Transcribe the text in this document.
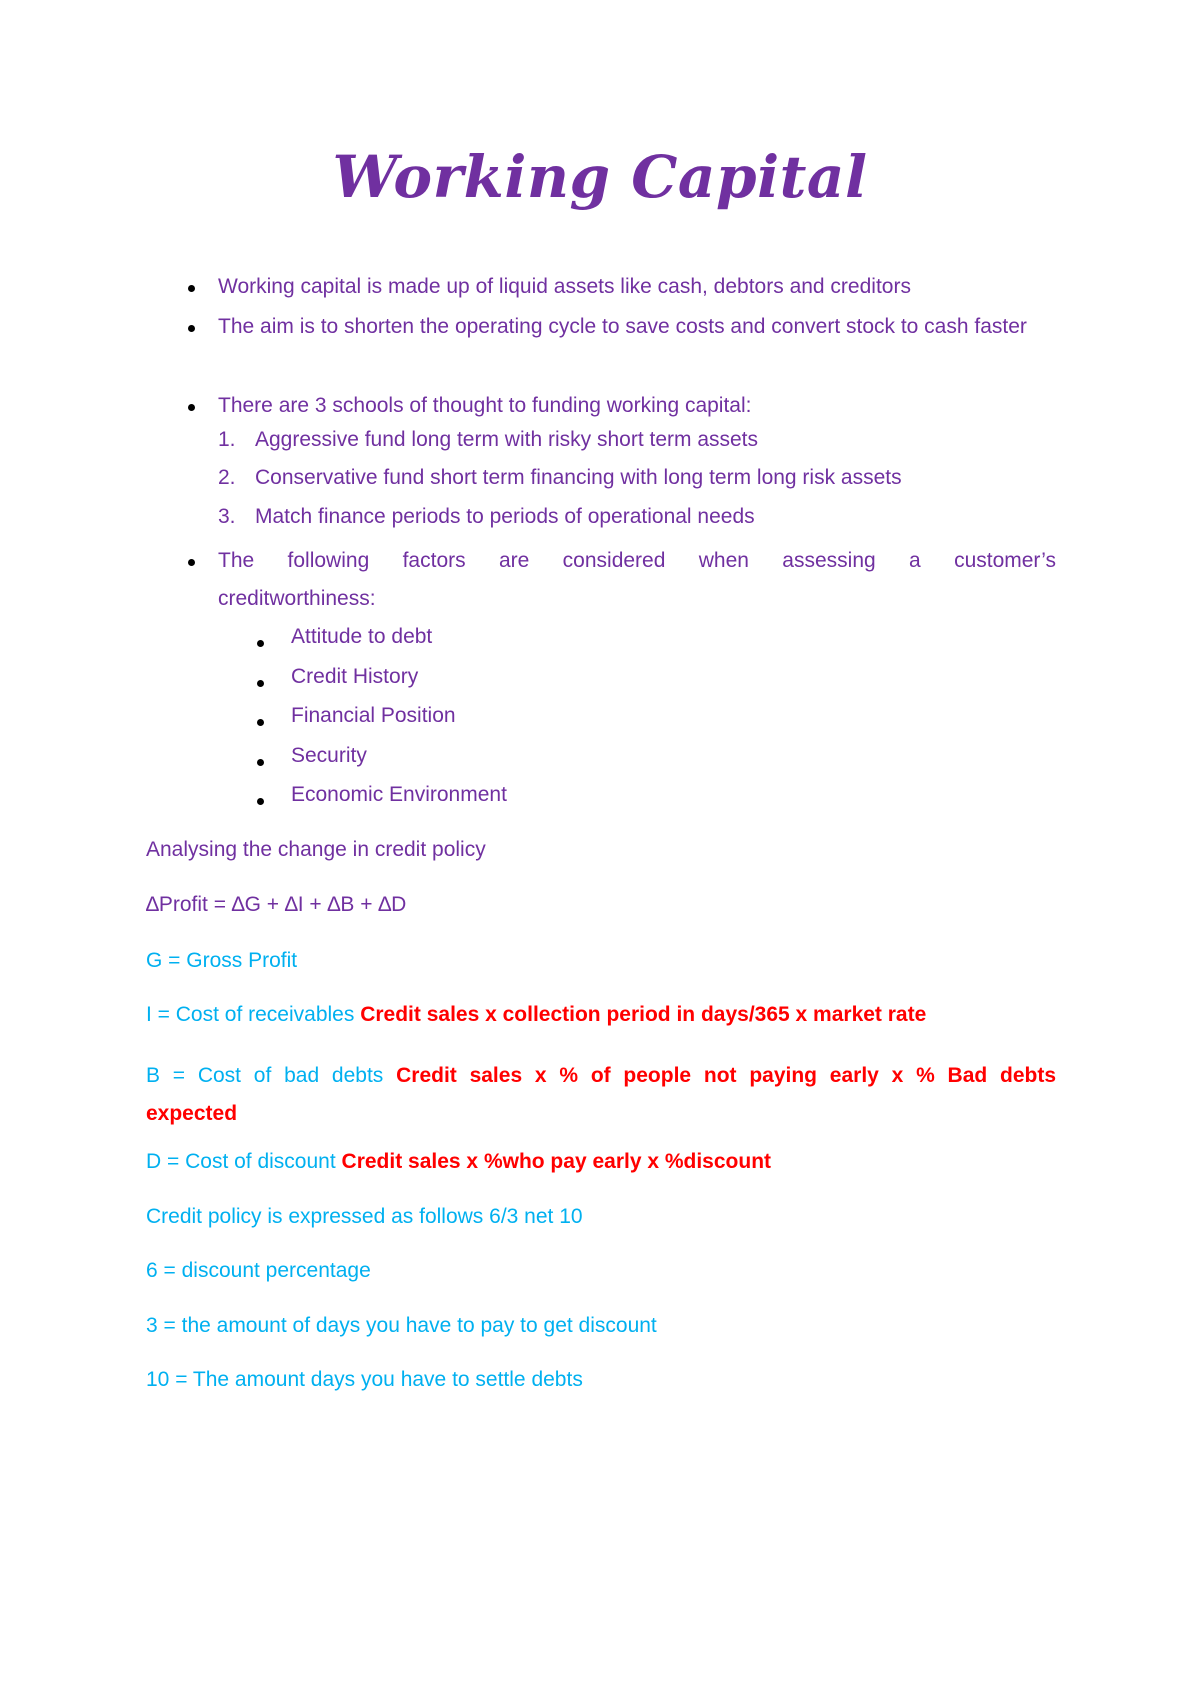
Working Capital

Working capital is made up of liquid assets like cash, debtors and creditors

The aim is to shorten the operating cycle to save costs and convert stock to cash faster

There are 3 schools of thought to funding working capital:

1. Aggressive fund long term with risky short term assets
2. Conservative fund short term financing with long term long risk assets
3. Match finance periods to periods of operational needs

The following factors are considered when assessing a customer’s creditworthiness:

Attitude to debt
Credit History
Financial Position
Security
Economic Environment

Analysing the change in credit policy

∆Profit = ∆G + ∆I + ∆B + ∆D

G = Gross Profit

I = Cost of receivables Credit sales x collection period in days/365 x market rate

B = Cost of bad debts Credit sales x % of people not paying early x % Bad debts expected

D = Cost of discount Credit sales x %who pay early x %discount

Credit policy is expressed as follows 6/3 net 10

6 = discount percentage

3 = the amount of days you have to pay to get discount

10 = The amount days you have to settle debts
